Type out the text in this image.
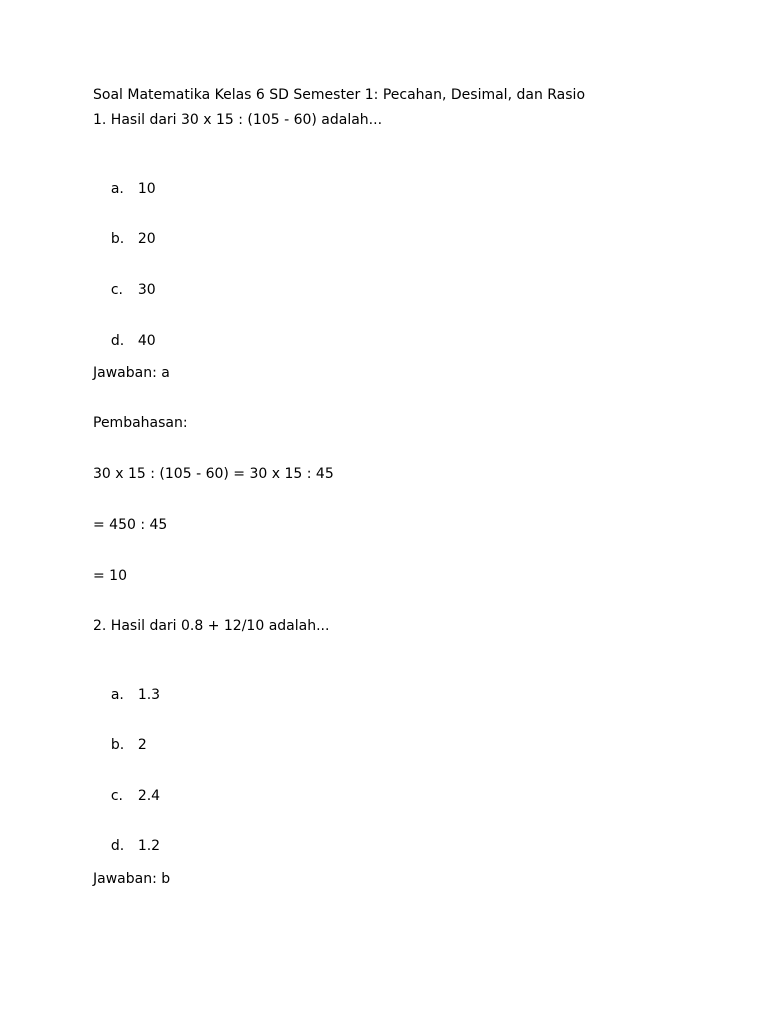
Soal Matematika Kelas 6 SD Semester 1: Pecahan, Desimal, dan Rasio
1. Hasil dari 30 x 15 : (105 - 60) adalah...

a. 10

b. 20

c. 30

d. 40

Jawaban: a
Pembahasan:
30 x 15 : (105 - 60) = 30 x 15 : 45
= 450 : 45
= 10
2. Hasil dari 0.8 + 12/10 adalah...

a. 1.3

b. 2

c. 2.4

d. 1.2

Jawaban: b
